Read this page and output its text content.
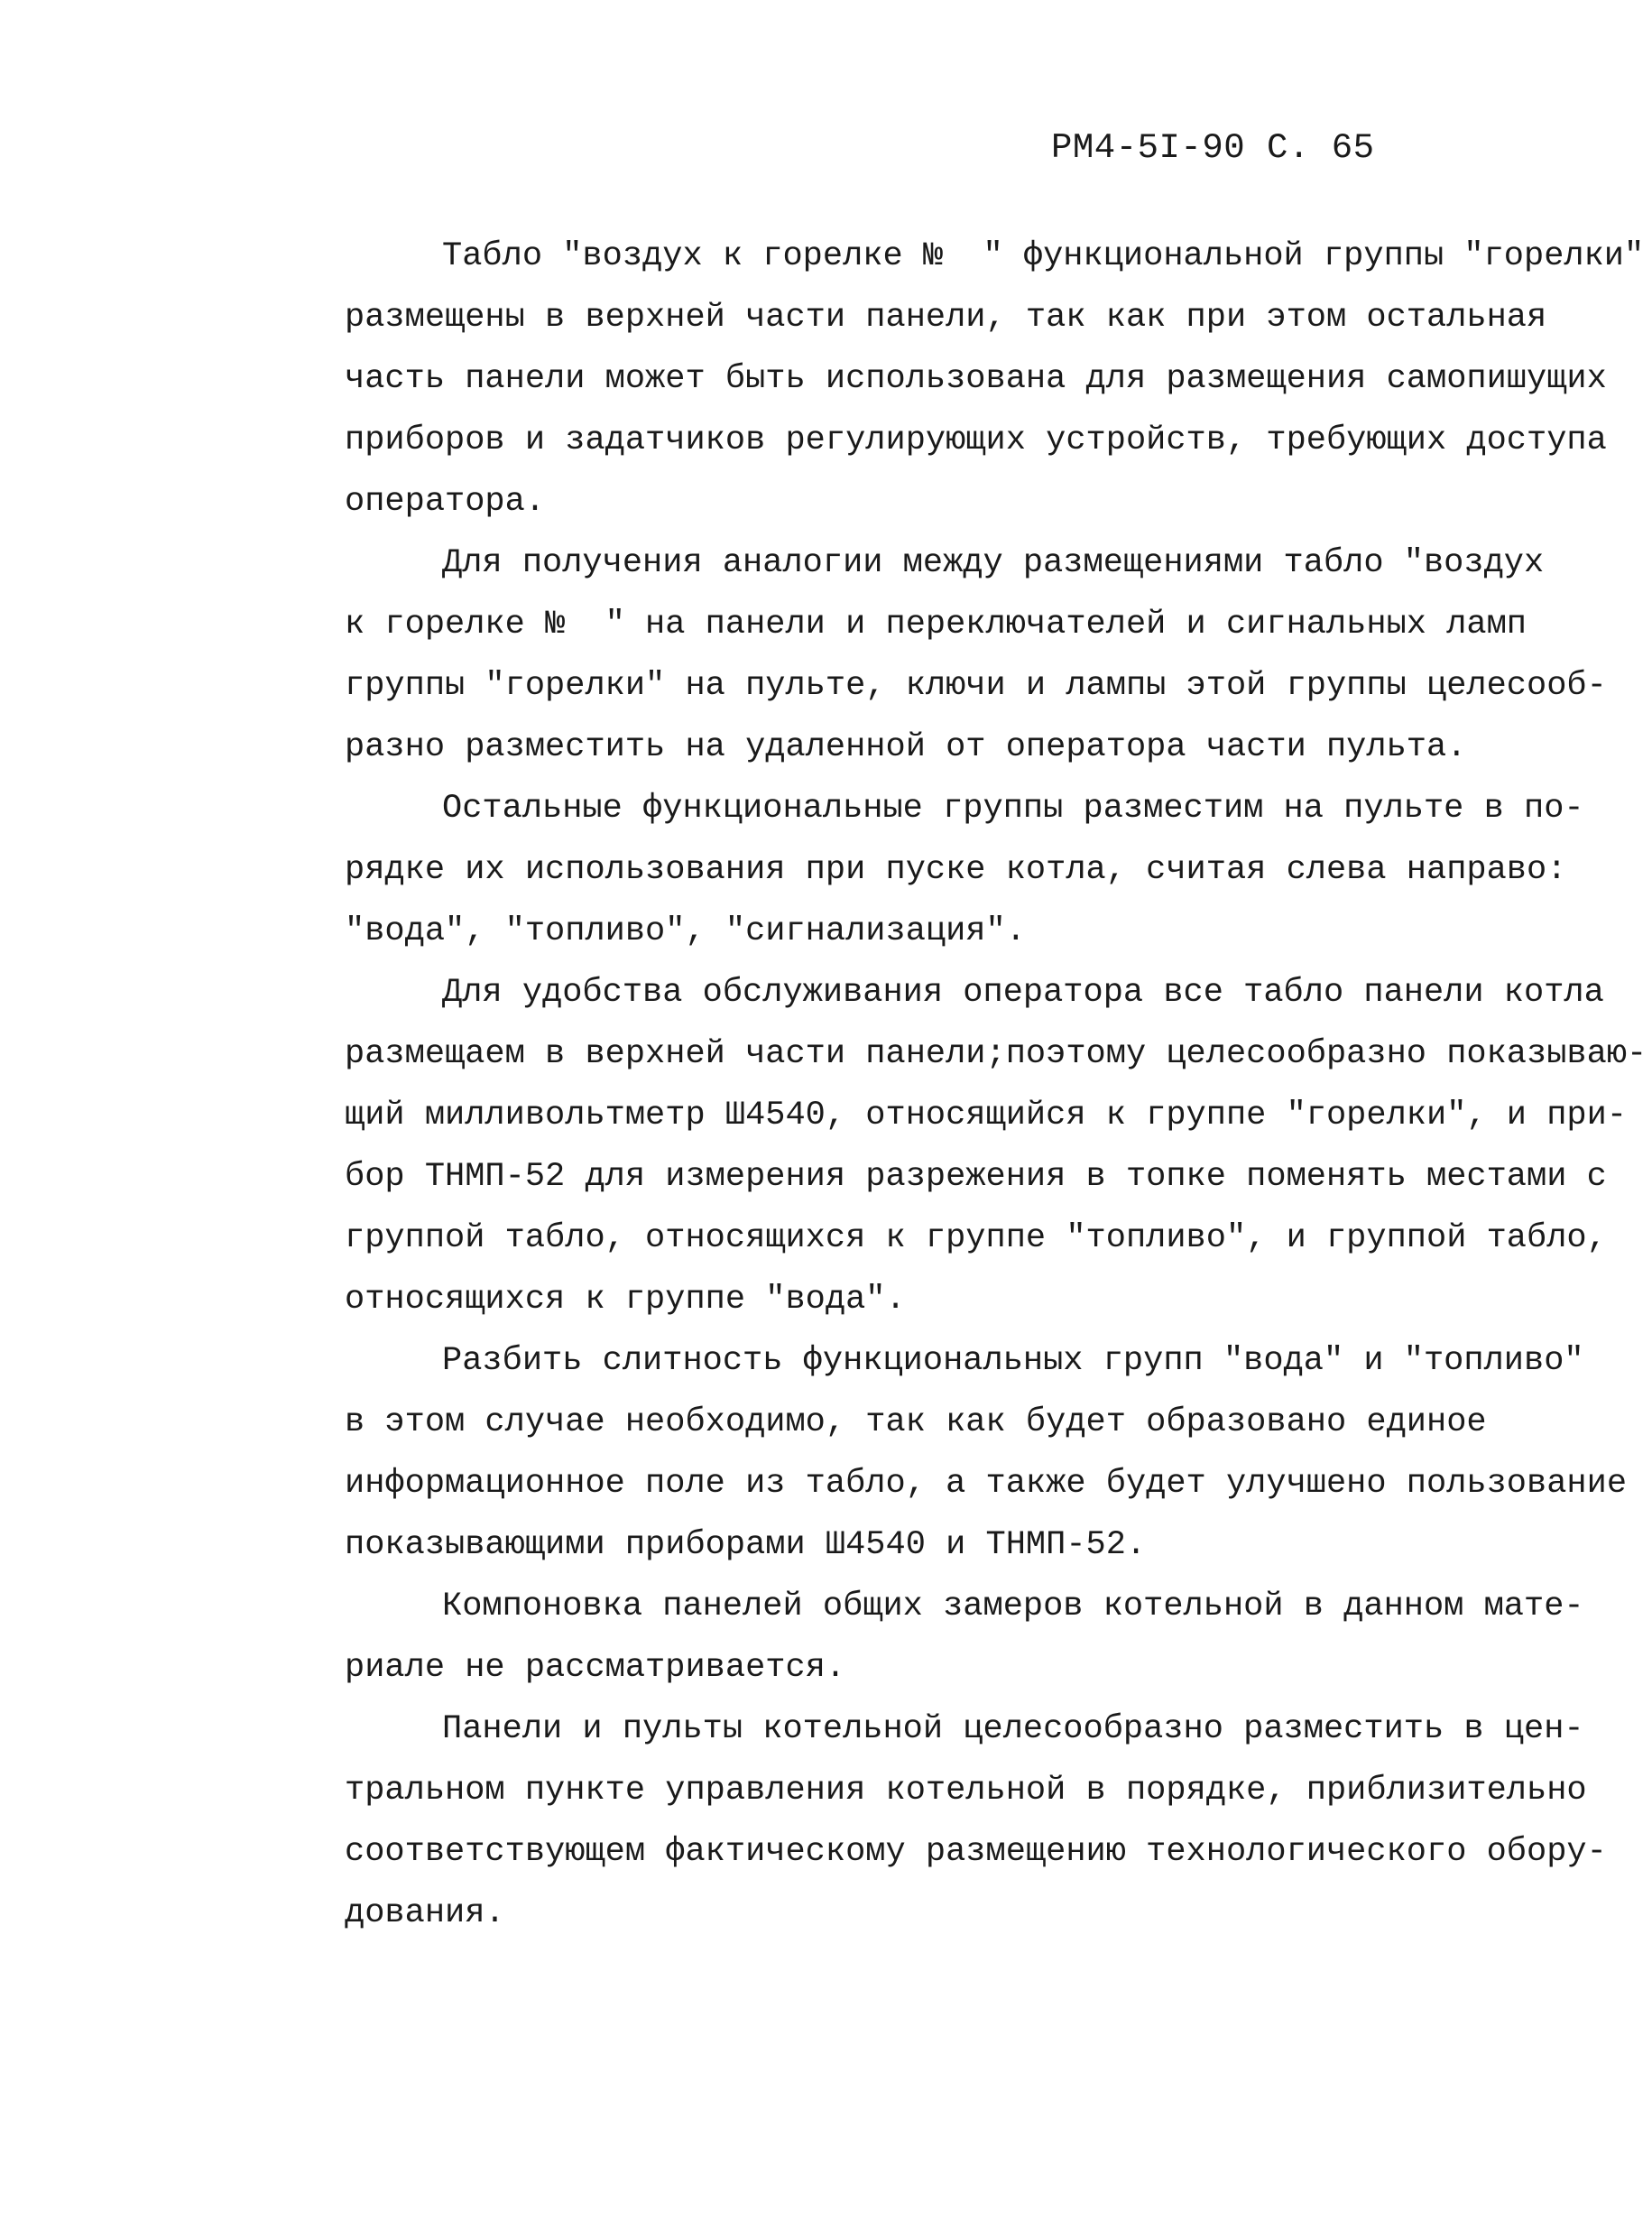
РМ4-5I-90 С. 65
Табло "воздух к горелке №  " функциональной группы "горелки"
размещены в верхней части панели, так как при этом остальная
часть панели может быть использована для размещения самопишущих
приборов и задатчиков регулирующих устройств, требующих доступа
оператора.
Для получения аналогии между размещениями табло "воздух
к горелке №  " на панели и переключателей и сигнальных ламп
группы "горелки" на пульте, ключи и лампы этой группы целесооб-
разно разместить на удаленной от оператора части пульта.
Остальные функциональные группы разместим на пульте в по-
рядке их использования при пуске котла, считая слева направо:
"вода", "топливо", "сигнализация".
Для удобства обслуживания оператора все табло панели котла
размещаем в верхней части панели;поэтому целесообразно показываю-
щий милливольтметр Ш4540, относящийся к группе "горелки", и при-
бор ТНМП-52 для измерения разрежения в топке поменять местами с
группой табло, относящихся к группе "топливо", и группой табло,
относящихся к группе "вода".
Разбить слитность функциональных групп "вода" и "топливо"
в этом случае необходимо, так как будет образовано единое
информационное поле из табло, а также будет улучшено пользование
показывающими приборами Ш4540 и ТНМП-52.
Компоновка панелей общих замеров котельной в данном мате-
риале не рассматривается.
Панели и пульты котельной целесообразно разместить в цен-
тральном пункте управления котельной в порядке, приблизительно
соответствующем фактическому размещению технологического обору-
дования.
